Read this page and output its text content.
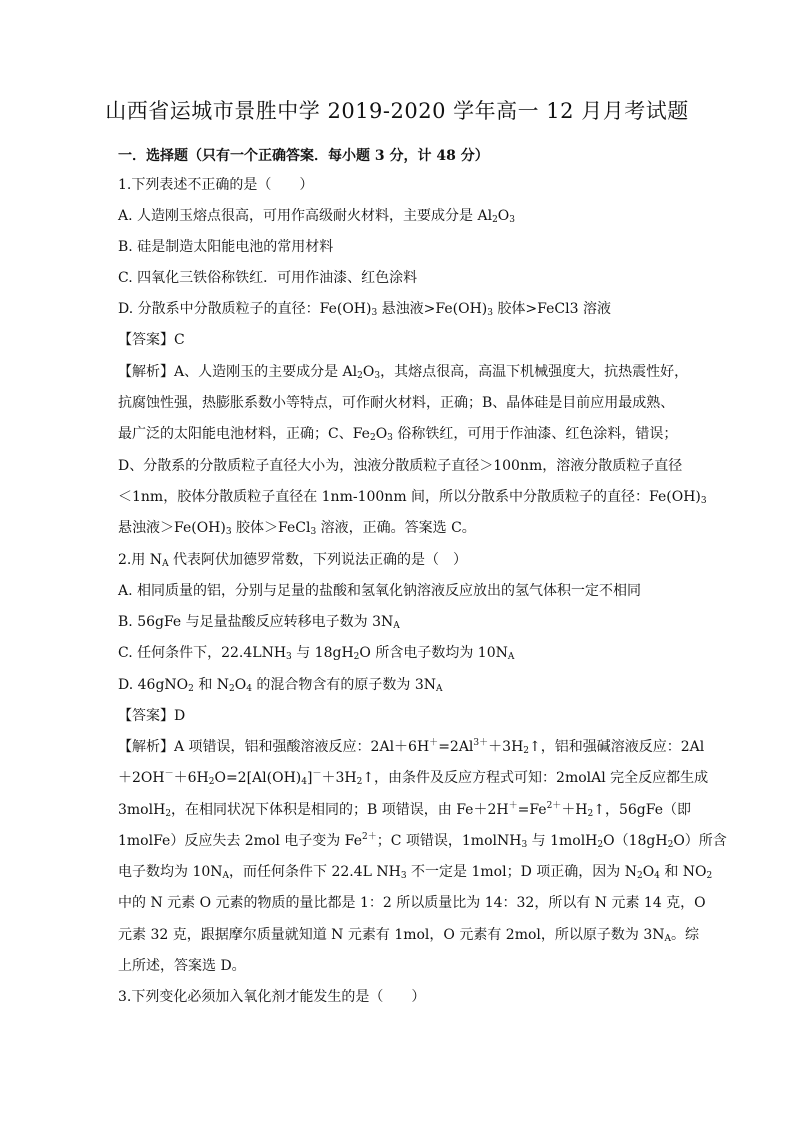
山西省运城市景胜中学 2019-2020 学年高一 12 月月考试题
一．选择题（只有一个正确答案．每小题 3 分，计 48 分）
1.下列表述不正确的是（　　）
A. 人造刚玉熔点很高，可用作高级耐火材料，主要成分是 $Al_2O_3$
B. 硅是制造太阳能电池的常用材料
C. 四氧化三铁俗称铁红．可用作油漆、红色涂料
D. 分散系中分散质粒子的直径：$Fe(OH)_3$ 悬浊液$>Fe(OH)_3$ 胶体>FeCl3 溶液
【答案】C
【解析】A、人造刚玉的主要成分是 $Al_2O_3$，其熔点很高，高温下机械强度大，抗热震性好，
抗腐蚀性强，热膨胀系数小等特点，可作耐火材料，正确；B、晶体硅是目前应用最成熟、
最广泛的太阳能电池材料，正确；C、$Fe_2O_3$ 俗称铁红，可用于作油漆、红色涂料，错误；
D、分散系的分散质粒子直径大小为，浊液分散质粒子直径＞100nm，溶液分散质粒子直径
＜1nm，胶体分散质粒子直径在 1nm-100nm 间，所以分散系中分散质粒子的直径：$Fe(OH)_3$
悬浊液$>Fe(OH)_3$ 胶体＞FeCl$_3$ 溶液，正确。答案选 C。
2.用 $N_A$ 代表阿伏加德罗常数，下列说法正确的是（　）
A. 相同质量的铝，分别与足量的盐酸和氢氧化钠溶液反应放出的氢气体积一定不相同
B. 56gFe 与足量盐酸反应转移电子数为 $3N_A$
C. 任何条件下，$22.4LNH_3$ 与 $18gH_2O$ 所含电子数均为 $10N_A$
D. 46gNO$_2$ 和 $N_2O_4$ 的混合物含有的原子数为 $3N_A$
【答案】D
【解析】A 项错误，铝和强酸溶液反应：$2Al+6H^+=2Al^{3+}+3H_2↑$，铝和强碱溶液反应：2Al
$+2OH^-+6H_2O=2[Al(OH)_4]^-+3H_2↑$，由条件及反应方程式可知：2molAl 完全反应都生成
3molH$_2$，在相同状况下体积是相同的；B 项错误，由 $Fe+2H^+=Fe^{2+}+H_2↑$，56gFe（即
1molFe）反应失去 2mol 电子变为 $Fe^{2+}$；C 项错误，1molNH$_3$ 与 $1molH_2O(18gH_2O)$所含
电子数均为 $10N_A$，而任何条件下 22.4L $NH_3$ 不一定是 1mol；D 项正确，因为 $N_2O_4$ 和 $NO_2$
中的 N 元素 O 元素的物质的量比都是 1：2 所以质量比为 14：32，所以有 N 元素 14 克，O
元素 32 克，跟据摩尔质量就知道 N 元素有 1mol，O 元素有 2mol，所以原子数为 $3N_A$。综
上所述，答案选 D。
3.下列变化必须加入氧化剂才能发生的是（　　）
